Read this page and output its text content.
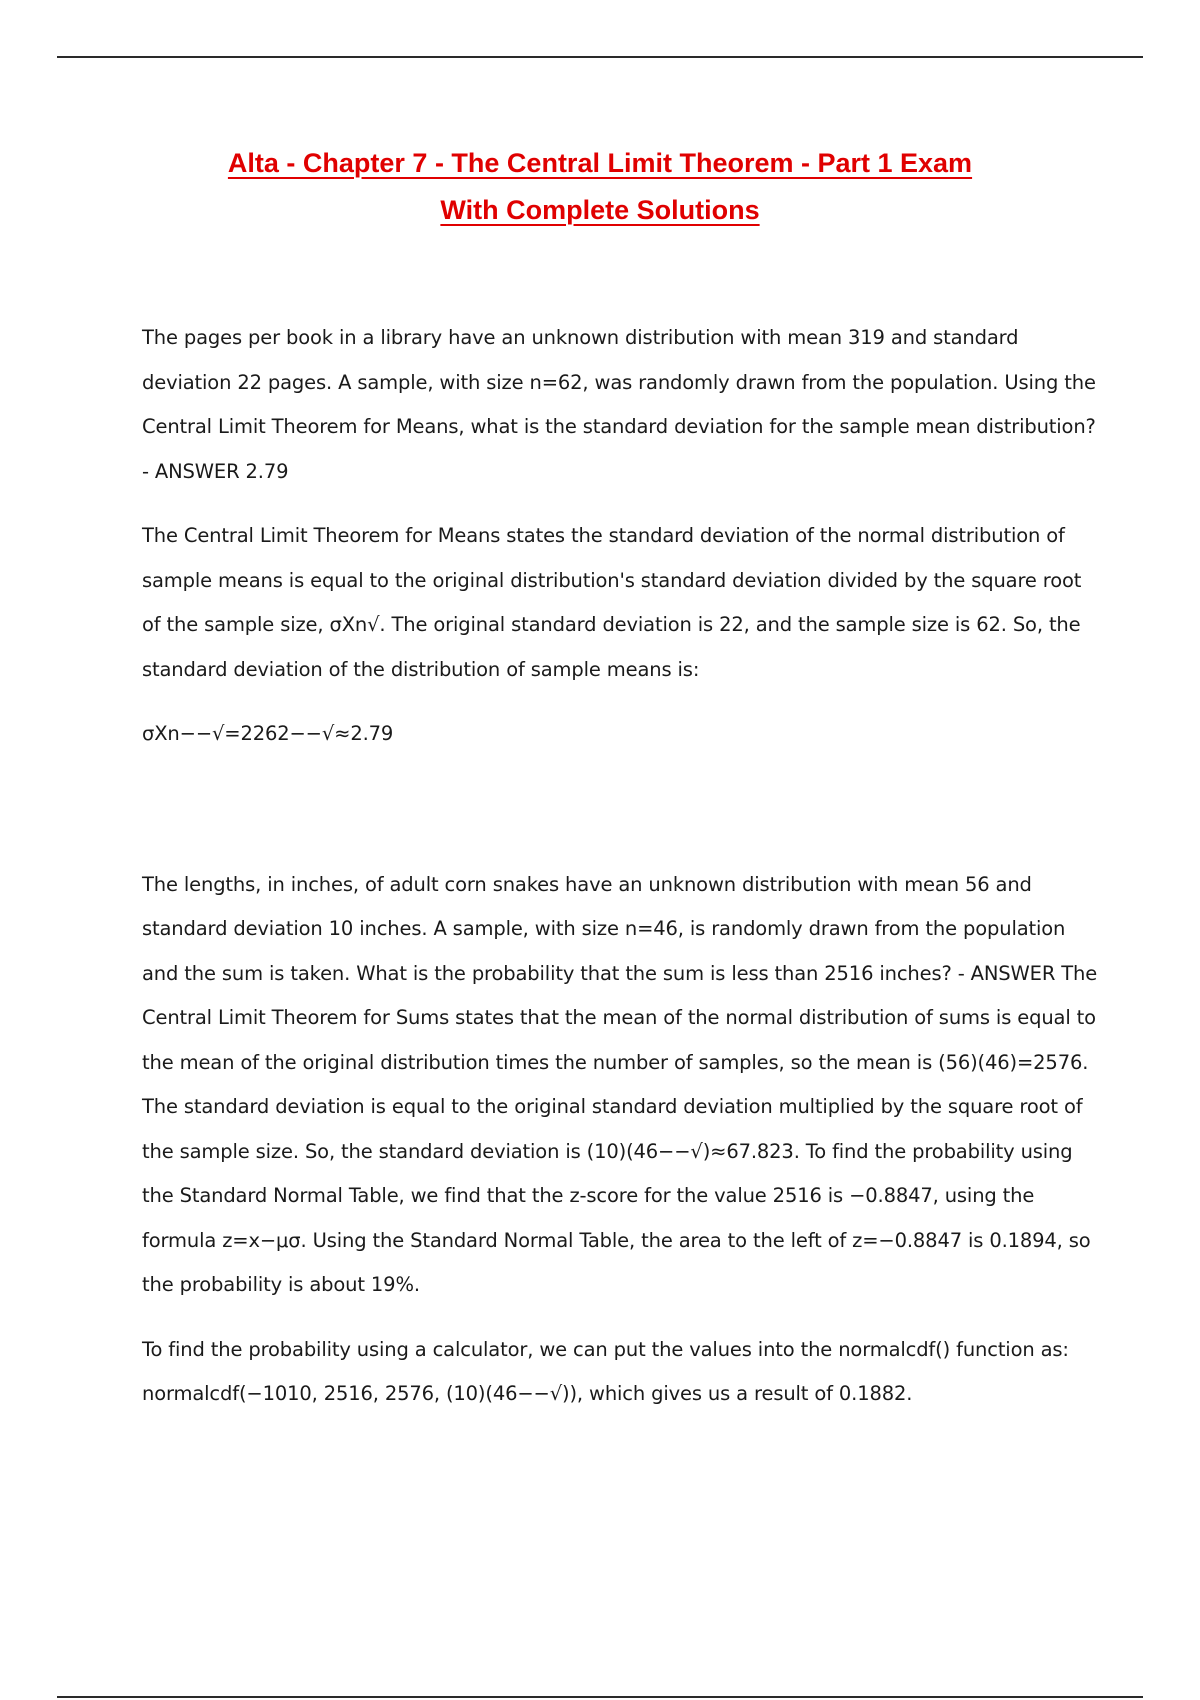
Alta - Chapter 7 - The Central Limit Theorem - Part 1 Exam
With Complete Solutions

The pages per book in a library have an unknown distribution with mean 319 and standard deviation 22 pages. A sample, with size n=62, was randomly drawn from the population. Using the Central Limit Theorem for Means, what is the standard deviation for the sample mean distribution? - ANSWER 2.79

The Central Limit Theorem for Means states the standard deviation of the normal distribution of sample means is equal to the original distribution's standard deviation divided by the square root of the sample size, σXn√. The original standard deviation is 22, and the sample size is 62. So, the standard deviation of the distribution of sample means is:

σXn−−√=2262−−√≈2.79

The lengths, in inches, of adult corn snakes have an unknown distribution with mean 56 and standard deviation 10 inches. A sample, with size n=46, is randomly drawn from the population and the sum is taken. What is the probability that the sum is less than 2516 inches? - ANSWER The Central Limit Theorem for Sums states that the mean of the normal distribution of sums is equal to the mean of the original distribution times the number of samples, so the mean is (56)(46)=2576. The standard deviation is equal to the original standard deviation multiplied by the square root of the sample size. So, the standard deviation is (10)(46−−√)≈67.823. To find the probability using the Standard Normal Table, we find that the z-score for the value 2516 is −0.8847, using the formula z=x−μσ. Using the Standard Normal Table, the area to the left of z=−0.8847 is 0.1894, so the probability is about 19%.

To find the probability using a calculator, we can put the values into the normalcdf() function as: normalcdf(−1010, 2516, 2576, (10)(46−−√)), which gives us a result of 0.1882.
